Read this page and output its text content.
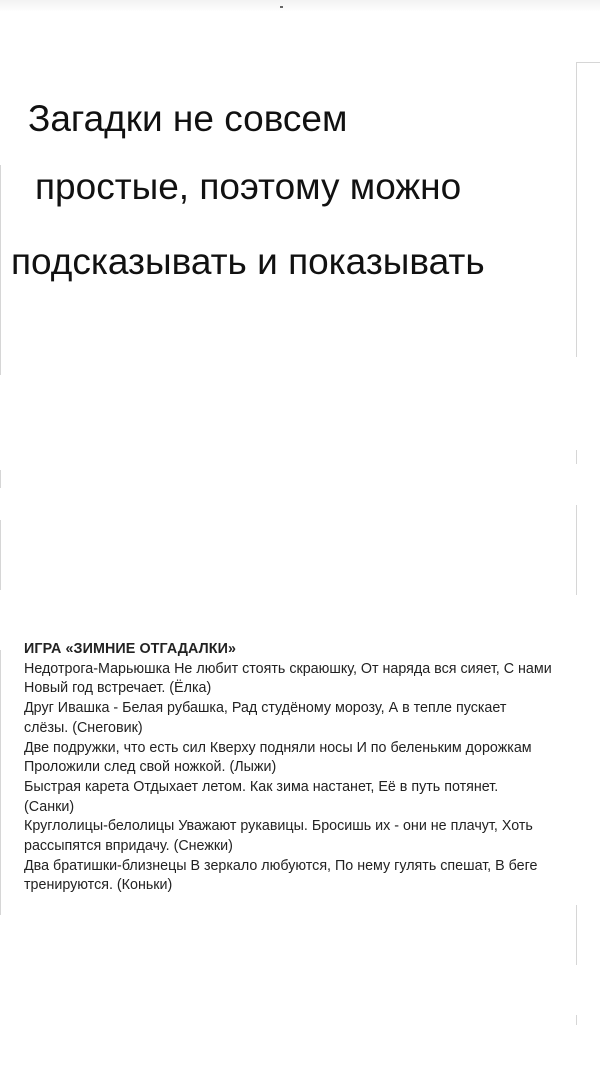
Загадки не совсем

простые, поэтому можно

подсказывать и показывать

ИГРА «ЗИМНИЕ ОТГАДАЛКИ»

Недотрога-Марьюшка Не любит стоять скраюшку, От наряда вся сияет, С нами Новый год встречает. (Ёлка)

Друг Ивашка - Белая рубашка, Рад студёному морозу, А в тепле пускает слёзы. (Снеговик)

Две подружки, что есть сил Кверху подняли носы И по беленьким дорожкам Проложили след свой ножкой. (Лыжи)

Быстрая карета Отдыхает летом. Как зима настанет, Её в путь потянет. (Санки)

Круглолицы-белолицы Уважают рукавицы. Бросишь их - они не плачут, Хоть рассыпятся впридачу. (Снежки)

Два братишки-близнецы В зеркало любуются, По нему гулять спешат, В беге тренируются. (Коньки)
